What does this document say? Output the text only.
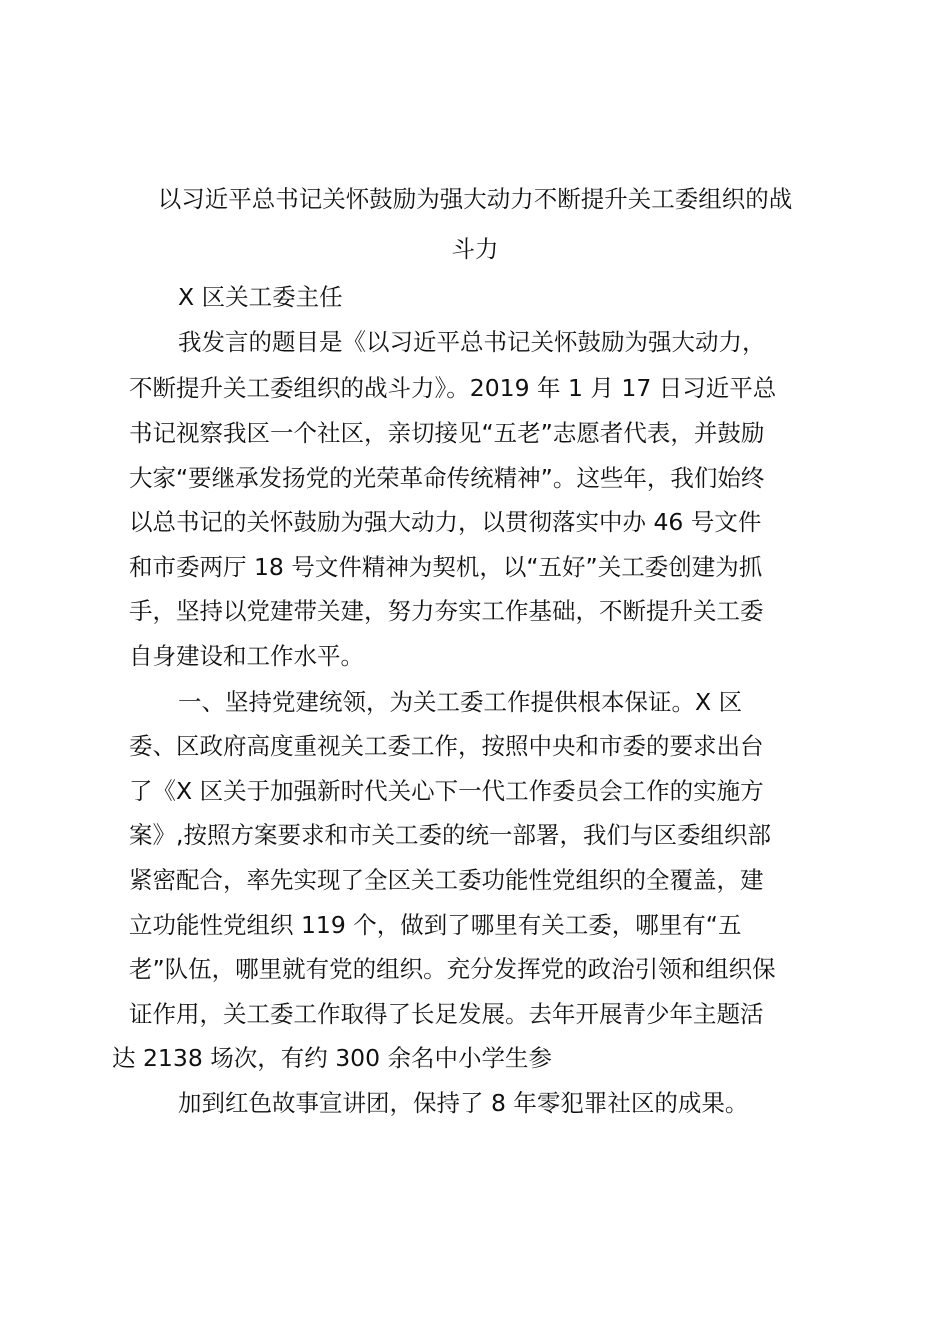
以习近平总书记关怀鼓励为强大动力不断提升关工委组织的战

斗力

X 区关工委主任

我发言的题目是《以习近平总书记关怀鼓励为强大动力，

不断提升关工委组织的战斗力》。2019 年 1 月 17 日习近平总

书记视察我区一个社区，亲切接见“五老”志愿者代表，并鼓励

大家“要继承发扬党的光荣革命传统精神”。这些年，我们始终

以总书记的关怀鼓励为强大动力，以贯彻落实中办 46 号文件

和市委两厅 18 号文件精神为契机，以“五好”关工委创建为抓

手，坚持以党建带关建，努力夯实工作基础，不断提升关工委

自身建设和工作水平。

一、坚持党建统领，为关工委工作提供根本保证。X 区

委、区政府高度重视关工委工作，按照中央和市委的要求出台

了《X 区关于加强新时代关心下一代工作委员会工作的实施方

案》,按照方案要求和市关工委的统一部署，我们与区委组织部

紧密配合，率先实现了全区关工委功能性党组织的全覆盖，建

立功能性党组织 119 个，做到了哪里有关工委，哪里有“五

老”队伍，哪里就有党的组织。充分发挥党的政治引领和组织保

证作用，关工委工作取得了长足发展。去年开展青少年主题活

达 2138 场次，有约 300 余名中小学生参

加到红色故事宣讲团，保持了 8 年零犯罪社区的成果。
